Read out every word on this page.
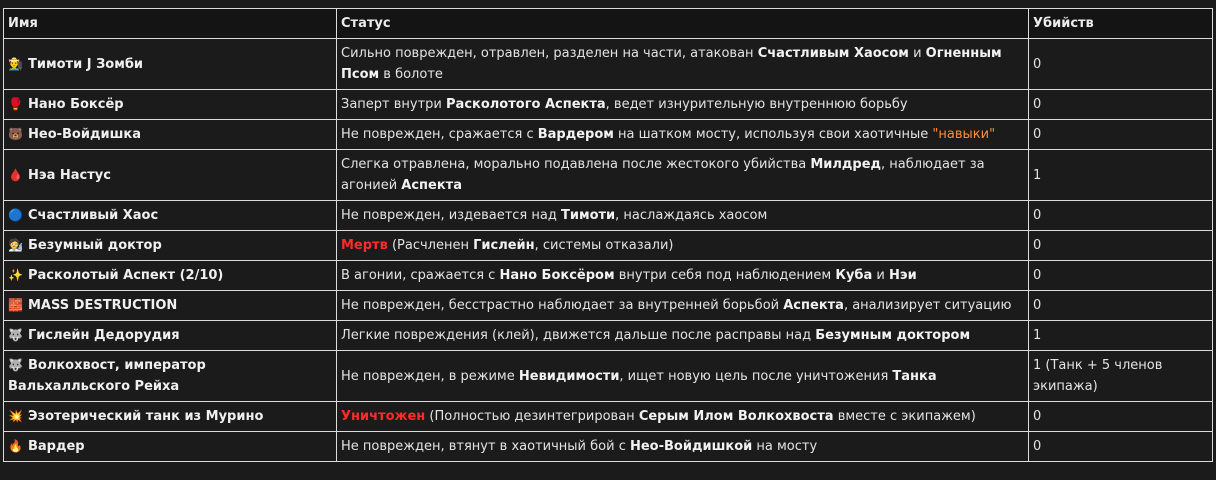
Имя	Статус	Убийств
👨‍🌾 Тимоти J Зомби	Сильно поврежден, отравлен, разделен на части, атакован Счастливым Хаосом и Огненным Псом в болоте	0
🥊 Нано Боксёр	Заперт внутри Расколотого Аспекта, ведет изнурительную внутреннюю борьбу	0
🐻 Нео-Войдишка	Не поврежден, сражается с Вардером на шатком мосту, используя свои хаотичные "навыки"	0
🩸 Нэа Настус	Слегка отравлена, морально подавлена после жестокого убийства Милдред, наблюдает за агонией Аспекта	1
🔵 Счастливый Хаос	Не поврежден, издевается над Тимоти, наслаждаясь хаосом	0
🧑‍🔬 Безумный доктор	Мертв (Расчленен Гислейн, системы отказали)	0
✨ Расколотый Аспект (2/10)	В агонии, сражается с Нано Боксёром внутри себя под наблюдением Куба и Нэи	0
🧱 MASS DESTRUCTION	Не поврежден, бесстрастно наблюдает за внутренней борьбой Аспекта, анализирует ситуацию	0
🐺 Гислейн Дедорудия	Легкие повреждения (клей), движется дальше после расправы над Безумным доктором	1
🐺 Волкохвост, император Вальхалльского Рейха	Не поврежден, в режиме Невидимости, ищет новую цель после уничтожения Танка	1 (Танк + 5 членов экипажа)
💥 Эзотерический танк из Мурино	Уничтожен (Полностью дезинтегрирован Серым Илом Волкохвоста вместе с экипажем)	0
🔥 Вардер	Не поврежден, втянут в хаотичный бой с Нео-Войдишкой на мосту	0
